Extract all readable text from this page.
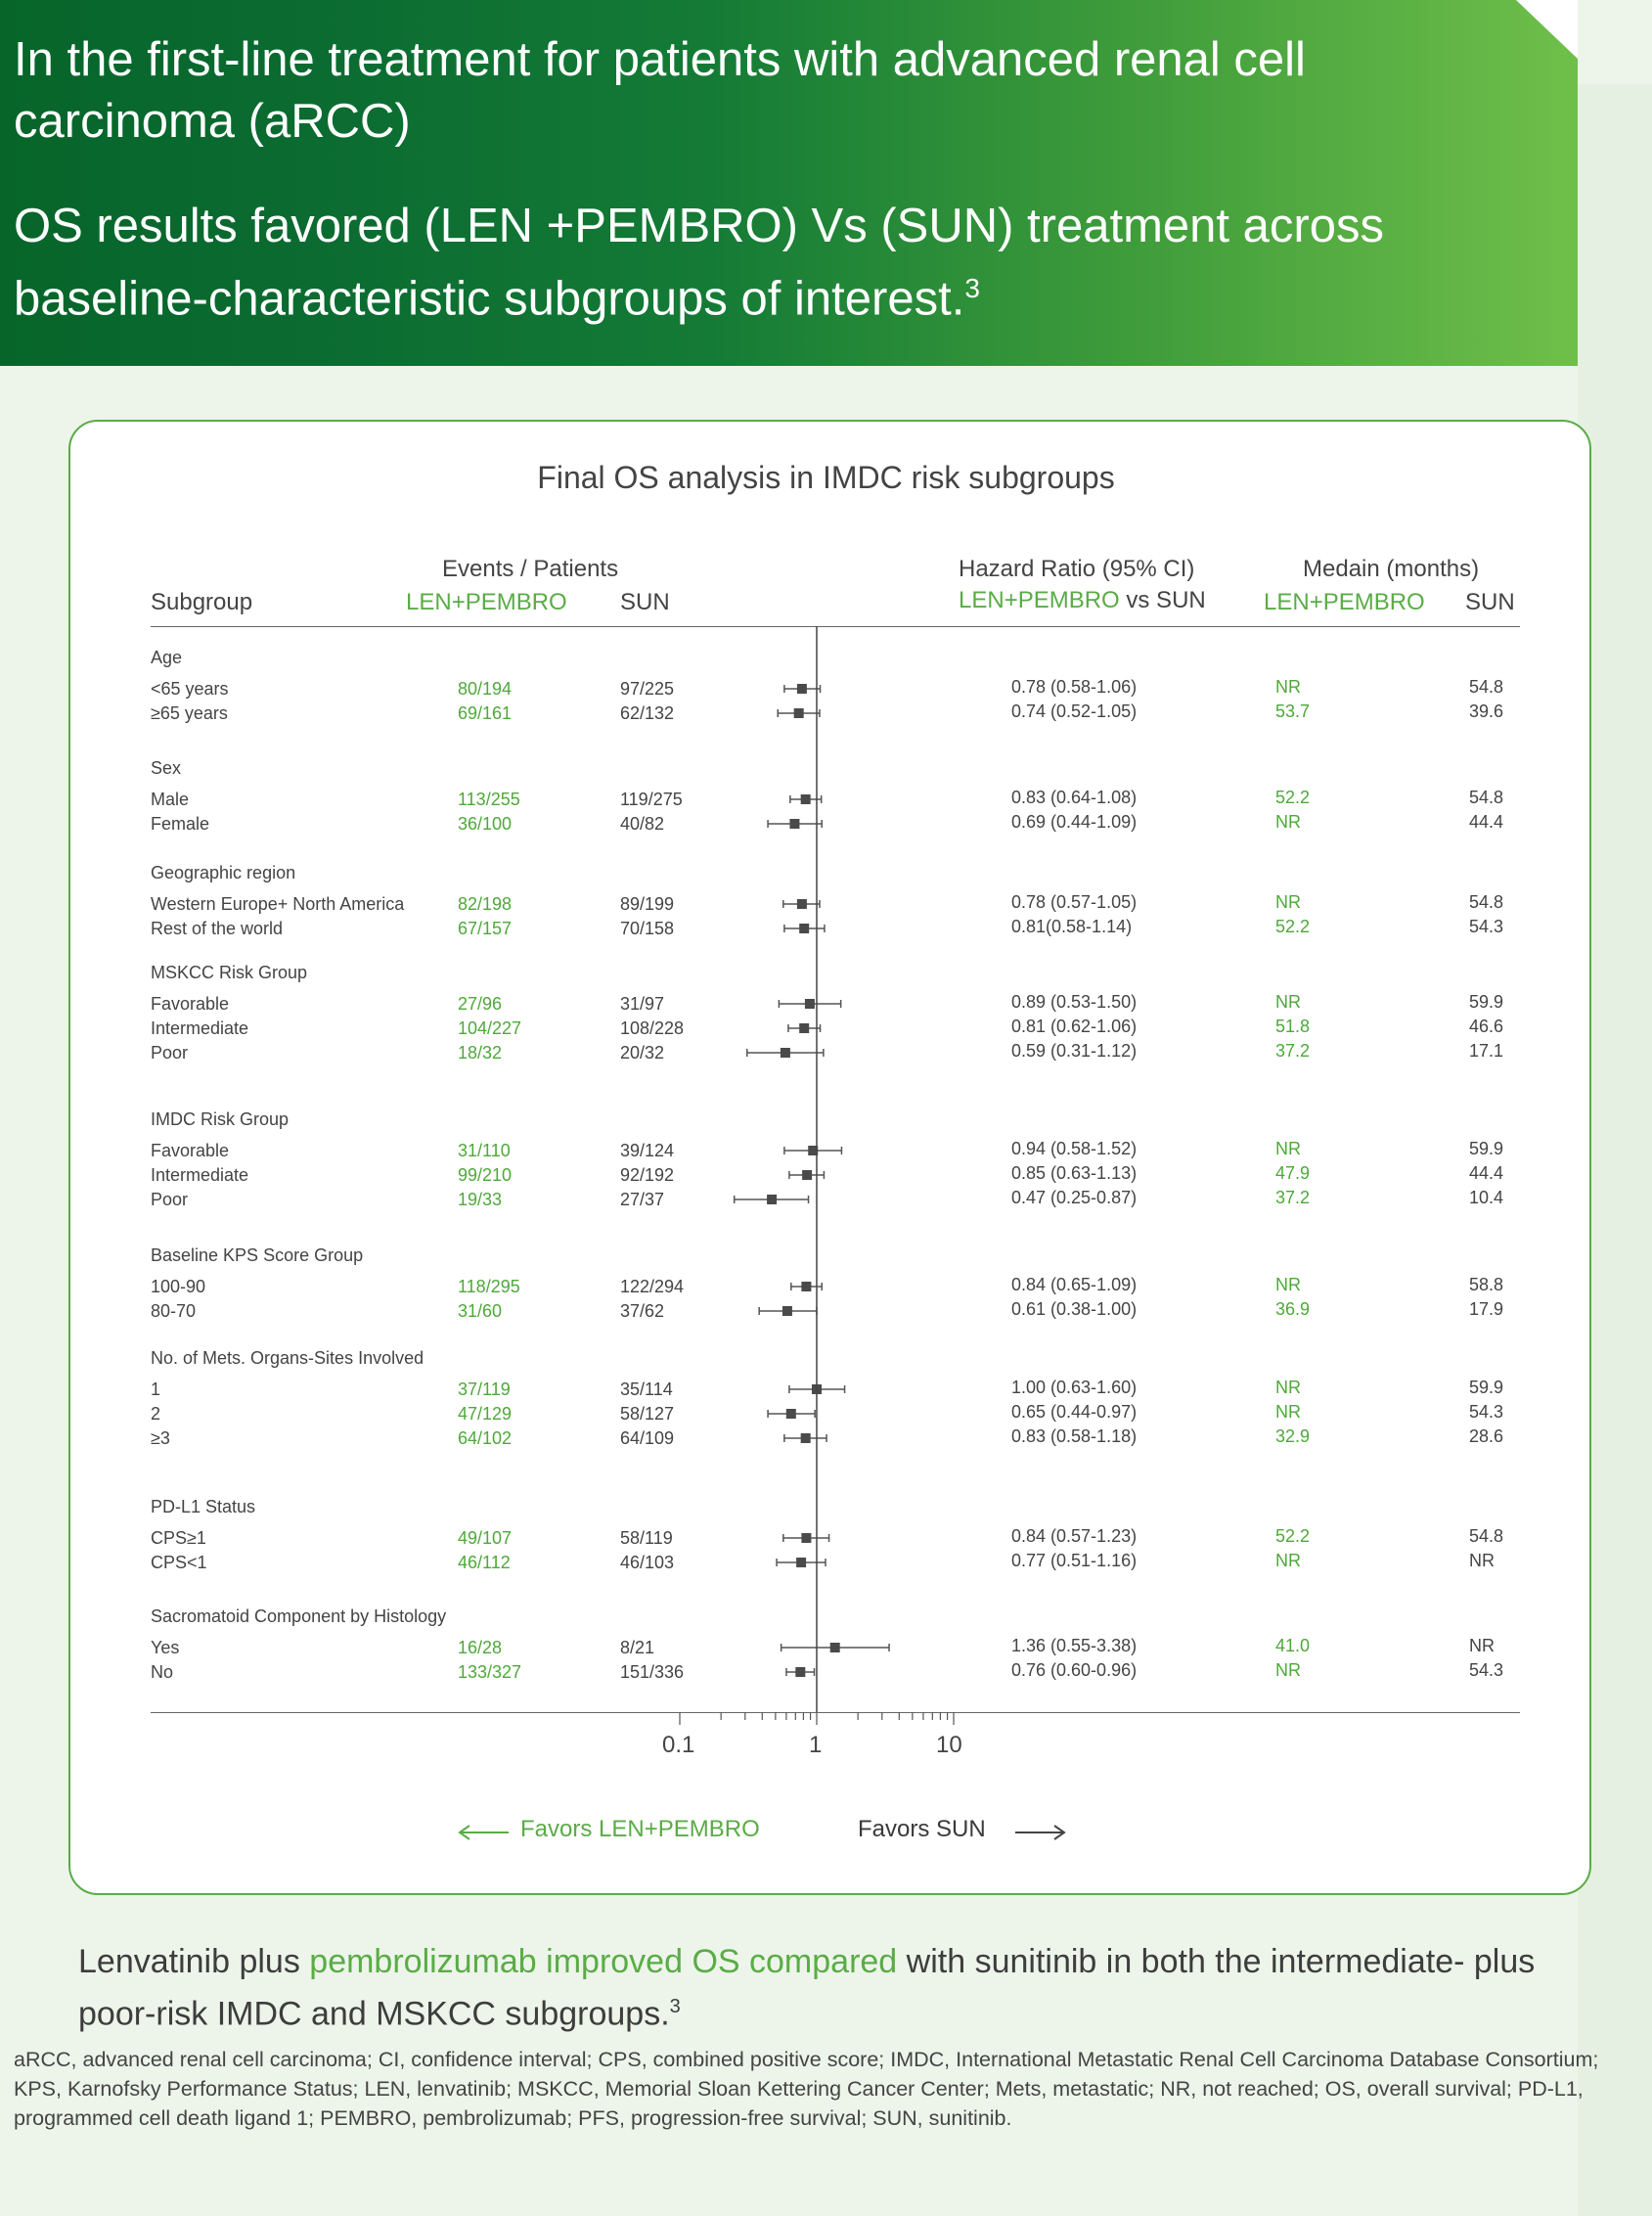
In the first-line treatment for patients with advanced renal cell carcinoma (aRCC)
OS results favored (LEN +PEMBRO) Vs (SUN) treatment across baseline-characteristic subgroups of interest.$^3$
Final OS analysis in IMDC risk subgroups
Events / Patients
Subgroup	LEN+PEMBRO SUN
Hazard Ratio (95% CI)
LEN+PEMBRO vs SUN
Medain (months)
LEN+PEMBRO SUN
Age
<65 years	80/194	97/225	0.78 (0.58-1.06)	NR	54.8
≥65 years	69/161	62/132	0.74 (0.52-1.05)	53.7	39.6
Sex
Male	113/255	119/275	0.83 (0.64-1.08)	52.2	54.8
Female	36/100	40/82	0.69 (0.44-1.09)	NR	44.4
Geographic region
Western Europe+ North America	82/198	89/199	0.78 (0.57-1.05)	NR	54.8
Rest of the world	67/157	70/158	0.81(0.58-1.14)	52.2	54.3
MSKCC Risk Group
Favorable	27/96	31/97	0.89 (0.53-1.50)	NR	59.9
Intermediate	104/227	108/228	0.81 (0.62-1.06)	51.8	46.6
Poor	18/32	20/32	0.59 (0.31-1.12)	37.2	17.1
IMDC Risk Group
Favorable	31/110	39/124	0.94 (0.58-1.52)	NR	59.9
Intermediate	99/210	92/192	0.85 (0.63-1.13)	47.9	44.4
Poor	19/33	27/37	0.47 (0.25-0.87)	37.2	10.4
Baseline KPS Score Group
100-90	118/295	122/294	0.84 (0.65-1.09)	NR	58.8
80-70	31/60	37/62	0.61 (0.38-1.00)	36.9	17.9
No. of Mets. Organs-Sites Involved
1	37/119	35/114	1.00 (0.63-1.60)	NR	59.9
2	47/129	58/127	0.65 (0.44-0.97)	NR	54.3
≥3	64/102	64/109	0.83 (0.58-1.18)	32.9	28.6
PD-L1 Status
CPS≥1	49/107	58/119	0.84 (0.57-1.23)	52.2	54.8
CPS<1	46/112	46/103	0.77 (0.51-1.16)	NR	NR
Sacromatoid Component by Histology
Yes	16/28	8/21	1.36 (0.55-3.38)	41.0	NR
No	133/327	151/336	0.76 (0.60-0.96)	NR	54.3
0.1	1	10
Favors LEN+PEMBRO	Favors SUN
Lenvatinib plus pembrolizumab improved OS compared with sunitinib in both the intermediate- plus poor-risk IMDC and MSKCC subgroups.$^3$
aRCC, advanced renal cell carcinoma; CI, confidence interval; CPS, combined positive score; IMDC, International Metastatic Renal Cell Carcinoma Database Consortium; KPS, Karnofsky Performance Status; LEN, lenvatinib; MSKCC, Memorial Sloan Kettering Cancer Center; Mets, metastatic; NR, not reached; OS, overall survival; PD-L1, programmed cell death ligand 1; PEMBRO, pembrolizumab; PFS, progression-free survival; SUN, sunitinib.
